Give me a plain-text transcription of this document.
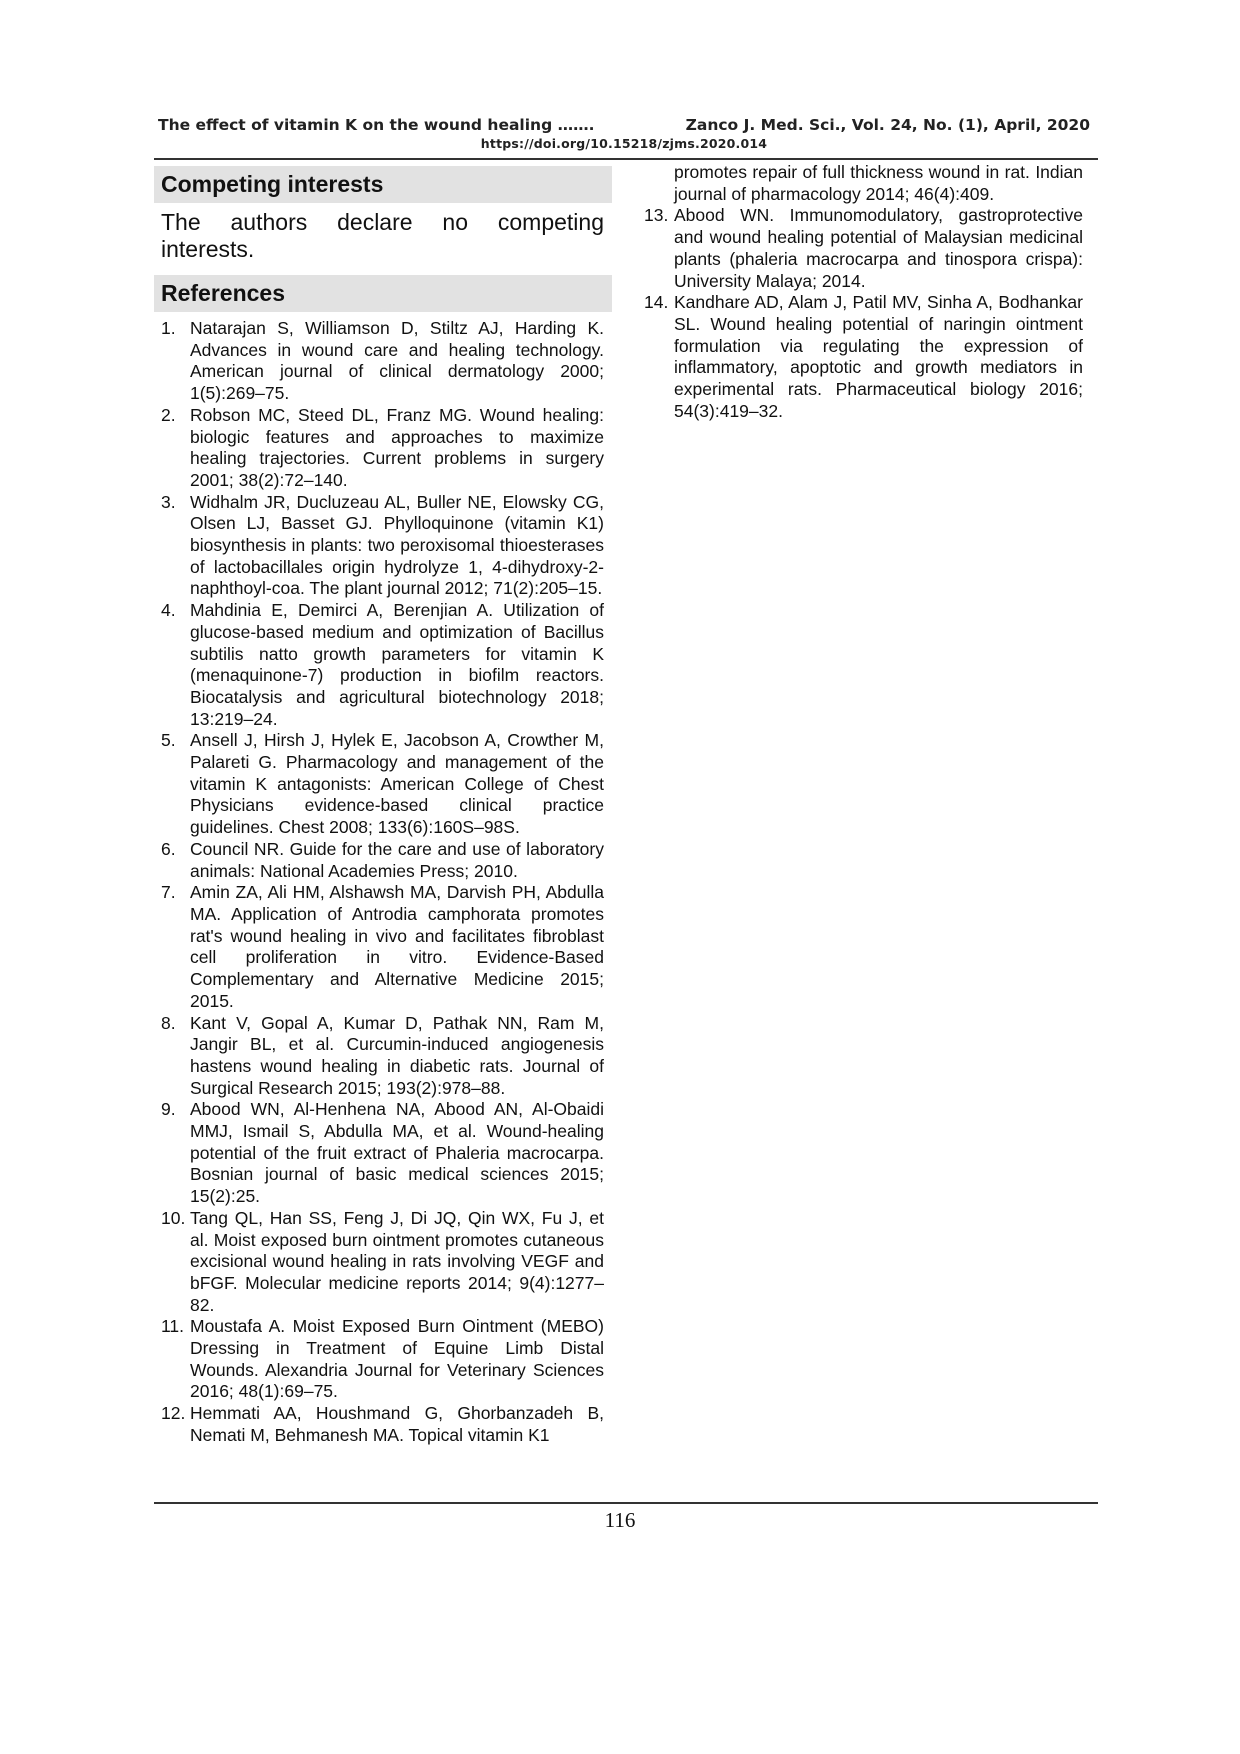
The effect of vitamin K on the wound healing …….	Zanco J. Med. Sci., Vol. 24, No. (1), April, 2020
https://doi.org/10.15218/zjms.2020.014
Competing interests

The authors declare no competing interests.

References
1. Natarajan S, Williamson D, Stiltz AJ, Harding K. Advances in wound care and healing technology. American journal of clinical dermatology 2000; 1(5):269–75.
2. Robson MC, Steed DL, Franz MG. Wound healing: biologic features and approaches to maximize healing trajectories. Current problems in surgery 2001; 38(2):72–140.
3. Widhalm JR, Ducluzeau AL, Buller NE, Elowsky CG, Olsen LJ, Basset GJ. Phylloquinone (vitamin K1) biosynthesis in plants: two peroxisomal thioesterases of lactobacillales origin hydrolyze 1, 4-dihydroxy-2-naphthoyl-coa. The plant journal 2012; 71(2):205–15.
4. Mahdinia E, Demirci A, Berenjian A. Utilization of glucose-based medium and optimization of Bacillus subtilis natto growth parameters for vitamin K (menaquinone-7) production in biofilm reactors. Biocatalysis and agricultural biotechnology 2018; 13:219–24.
5. Ansell J, Hirsh J, Hylek E, Jacobson A, Crowther M, Palareti G. Pharmacology and management of the vitamin K antagonists: American College of Chest Physicians evidence-based clinical practice guidelines. Chest 2008; 133(6):160S–98S.
6. Council NR. Guide for the care and use of laboratory animals: National Academies Press; 2010.
7. Amin ZA, Ali HM, Alshawsh MA, Darvish PH, Abdulla MA. Application of Antrodia camphorata promotes rat's wound healing in vivo and facilitates fibroblast cell proliferation in vitro. Evidence-Based Complementary and Alternative Medicine 2015; 2015.
8. Kant V, Gopal A, Kumar D, Pathak NN, Ram M, Jangir BL, et al. Curcumin-induced angiogenesis hastens wound healing in diabetic rats. Journal of Surgical Research 2015; 193(2):978–88.
9. Abood WN, Al-Henhena NA, Abood AN, Al-Obaidi MMJ, Ismail S, Abdulla MA, et al. Wound-healing potential of the fruit extract of Phaleria macrocarpa. Bosnian journal of basic medical sciences 2015; 15(2):25.
10. Tang QL, Han SS, Feng J, Di JQ, Qin WX, Fu J, et al. Moist exposed burn ointment promotes cutaneous excisional wound healing in rats involving VEGF and bFGF. Molecular medicine reports 2014; 9(4):1277–82.
11. Moustafa A. Moist Exposed Burn Ointment (MEBO) Dressing in Treatment of Equine Limb Distal Wounds. Alexandria Journal for Veterinary Sciences 2016; 48(1):69–75.
12. Hemmati AA, Houshmand G, Ghorbanzadeh B, Nemati M, Behmanesh MA. Topical vitamin K1
promotes repair of full thickness wound in rat. Indian journal of pharmacology 2014; 46(4):409.
13. Abood WN. Immunomodulatory, gastroprotective and wound healing potential of Malaysian medicinal plants (phaleria macrocarpa and tinospora crispa): University Malaya; 2014.
14. Kandhare AD, Alam J, Patil MV, Sinha A, Bodhankar SL. Wound healing potential of naringin ointment formulation via regulating the expression of inflammatory, apoptotic and growth mediators in experimental rats. Pharmaceutical biology 2016; 54(3):419–32.
116
